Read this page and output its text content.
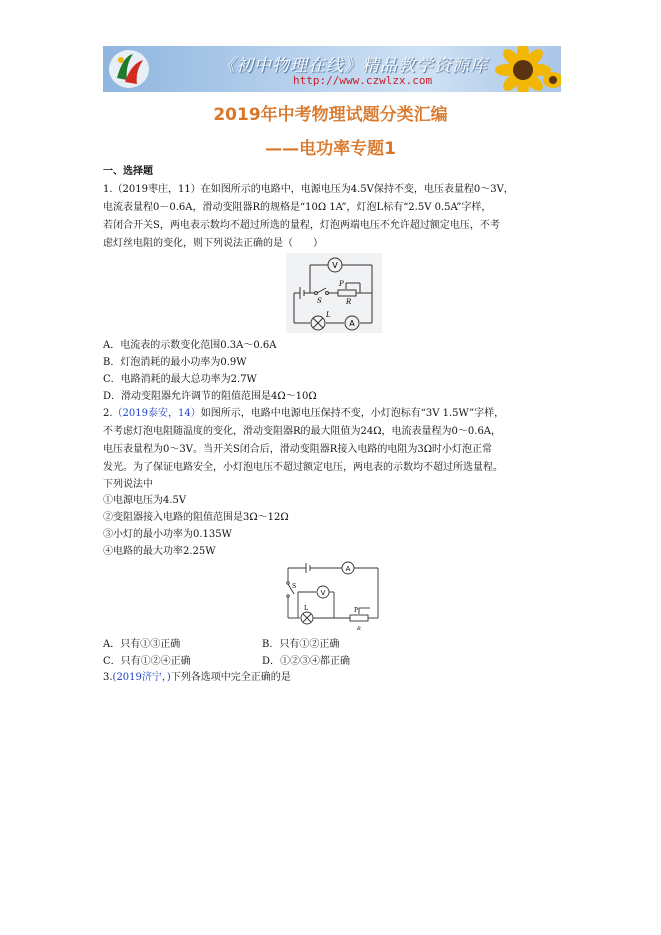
《初中物理在线》精品教学资源库
http://www.czwlzx.com
2019年中考物理试题分类汇编
——电功率专题1
一、选择题
1.（2019枣庄，11）在如图所示的电路中，电源电压为4.5V保持不变，电压表量程0～3V，
电流表量程0－0.6A，滑动变阻器R的规格是“10Ω 1A”，灯泡L标有“2.5V 0.5A”字样，
若闭合开关S，两电表示数均不超过所选的量程，灯泡两端电压不允许超过额定电压，不考
虑灯丝电阻的变化，则下列说法正确的是（　　）
V
A
L
S
P
R
A．电流表的示数变化范围0.3A～0.6A
B．灯泡消耗的最小功率为0.9W
C．电路消耗的最大总功率为2.7W
D．滑动变阻器允许调节的阻值范围是4Ω～10Ω
2.（2019泰安，14）如图所示，电路中电源电压保持不变，小灯泡标有“3V 1.5W”字样，
不考虑灯泡电阻随温度的变化，滑动变阻器R的最大阻值为24Ω，电流表量程为0～0.6A，
电压表量程为0～3V。当开关S闭合后，滑动变阻器R接入电路的电阻为3Ω时小灯泡正常
发光。为了保证电路安全，小灯泡电压不超过额定电压，两电表的示数均不超过所选量程。
下列说法中
①电源电压为4.5V
②变阻器接入电路的阻值范围是3Ω～12Ω
③小灯的最小功率为0.135W
④电路的最大功率2.25W
A
V
S
L	P
R
A．只有①③正确	B．只有①②正确
C．只有①②④正确	D．①②③④都正确
3.(2019济宁，)下列各选项中完全正确的是
